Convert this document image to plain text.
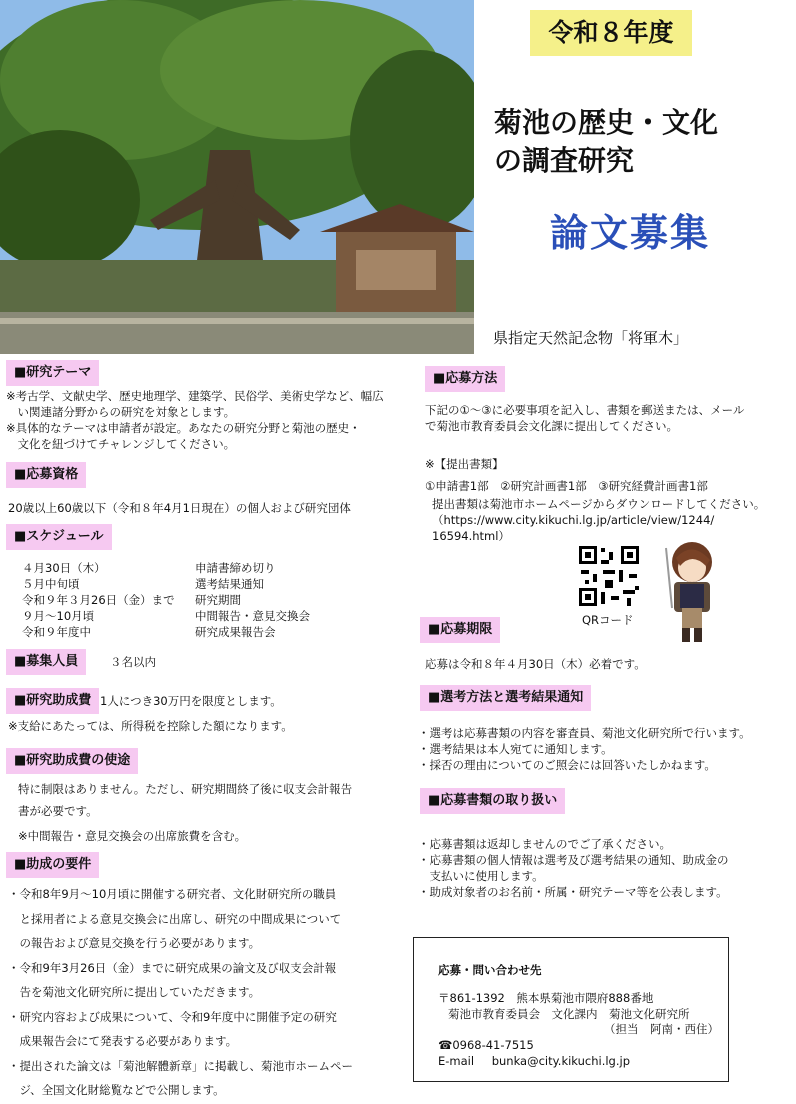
令和８年度
菊池の歴史・文化
の調査研究
論文募集
県指定天然記念物「将軍木」
■研究テーマ
※考古学、文献史学、歴史地理学、建築学、民俗学、美術史学など、幅広
　い関連諸分野からの研究を対象とします。
※具体的なテーマは申請者が設定。あなたの研究分野と菊池の歴史・
　文化を紐づけてチャレンジしてください。
■応募資格
20歳以上60歳以下（令和８年4月1日現在）の個人および研究団体
■スケジュール
４月30日（木）
５月中旬頃
令和９年３月26日（金）まで
９月～10月頃
令和９年度中
申請書締め切り
選考結果通知
研究期間
中間報告・意見交換会
研究成果報告会
■募集人員	３名以内
■研究助成費 1人につき30万円を限度とします。
※支給にあたっては、所得税を控除した額になります。
■研究助成費の使途
特に制限はありません。ただし、研究期間終了後に収支会計報告
書が必要です。
※中間報告・意見交換会の出席旅費を含む。
■助成の要件
・令和8年9月～10月頃に開催する研究者、文化財研究所の職員
　と採用者による意見交換会に出席し、研究の中間成果について
　の報告および意見交換を行う必要があります。
・令和9年3月26日（金）までに研究成果の論文及び収支会計報
　告を菊池文化研究所に提出していただきます。
・研究内容および成果について、令和9年度中に開催予定の研究
　成果報告会にて発表する必要があります。
・提出された論文は「菊池解體新章」に掲載し、菊池市ホームペー
　ジ、全国文化財総覧などで公開します。
■応募方法
下記の①～③に必要事項を記入し、書類を郵送または、メール
で菊池市教育委員会文化課に提出してください。
※【提出書類】
①申請書1部　②研究計画書1部　③研究経費計画書1部
提出書類は菊池市ホームページからダウンロードしてください。
（https://www.city.kikuchi.lg.jp/article/view/1244/
16594.html）
QRコード
■応募期限
応募は令和８年４月30日（木）必着です。
■選考方法と選考結果通知
・選考は応募書類の内容を審査員、菊池文化研究所で行います。
・選考結果は本人宛てに通知します。
・採否の理由についてのご照会には回答いたしかねます。
■応募書類の取り扱い
・応募書類は返却しませんのでご了承ください。
・応募書類の個人情報は選考及び選考結果の通知、助成金の
　支払いに使用します。
・助成対象者のお名前・所属・研究テーマ等を公表します。
応募・問い合わせ先
〒861-1392　熊本県菊池市隈府888番地
菊池市教育委員会　文化課内　菊池文化研究所
（担当　阿南・西住）
☎0968-41-7515
E-mail bunka@city.kikuchi.lg.jp
